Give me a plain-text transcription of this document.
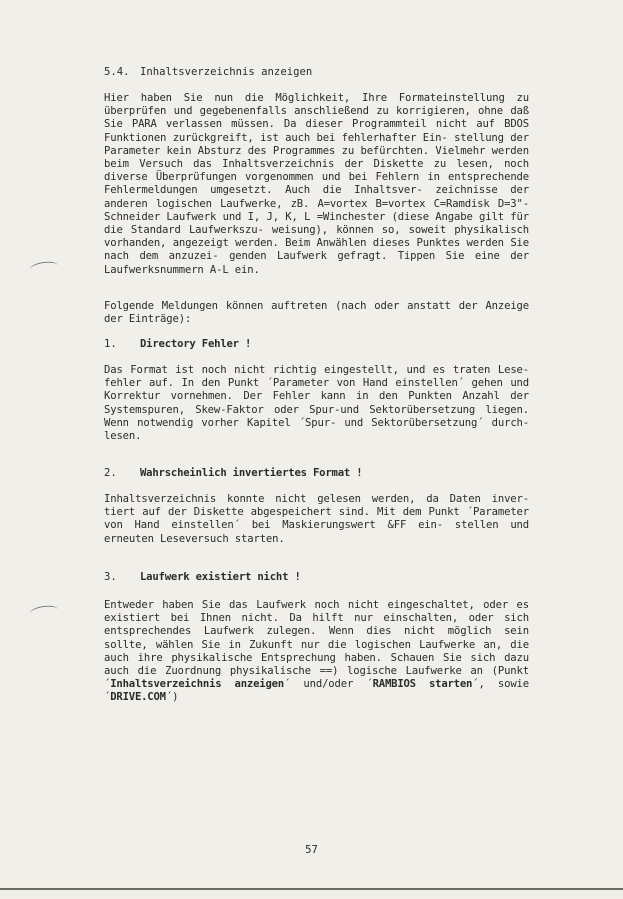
5.4. Inhaltsverzeichnis anzeigen

Hier haben Sie nun die Möglichkeit, Ihre Formateinstellung zu überprüfen und gegebenenfalls anschließend zu korrigieren, ohne daß Sie PARA verlassen müssen. Da dieser Programmteil nicht auf BDOS Funktionen zurückgreift, ist auch bei fehlerhafter Ein- stellung der Parameter kein Absturz des Programmes zu befürchten. Vielmehr werden beim Versuch das Inhaltsverzeichnis der Diskette zu lesen, noch diverse Überprüfungen vorgenommen und bei Fehlern in entsprechende Fehlermeldungen umgesetzt. Auch die Inhaltsver- zeichnisse der anderen logischen Laufwerke, zB. A=vortex B=vortex C=Ramdisk D=3"-Schneider Laufwerk und I, J, K, L =Winchester (diese Angabe gilt für die Standard Laufwerkszu- weisung), können so, soweit physikalisch vorhanden, angezeigt werden. Beim Anwählen dieses Punktes werden Sie nach dem anzuzei- genden Laufwerk gefragt. Tippen Sie eine der Laufwerksnummern A-L ein.

Folgende Meldungen können auftreten (nach oder anstatt der Anzeige der Einträge):

1. Directory Fehler !

Das Format ist noch nicht richtig eingestellt, und es traten Lese- fehler auf. In den Punkt ´Parameter von Hand einstellen´ gehen und Korrektur vornehmen. Der Fehler kann in den Punkten Anzahl der Systemspuren, Skew-Faktor oder Spur-und Sektorübersetzung liegen. Wenn notwendig vorher Kapitel ´Spur- und Sektorübersetzung´ durch- lesen.

2. Wahrscheinlich invertiertes Format !

Inhaltsverzeichnis konnte nicht gelesen werden, da Daten inver- tiert auf der Diskette abgespeichert sind. Mit dem Punkt ´Parameter von Hand einstellen´ bei Maskierungswert &FF ein- stellen und erneuten Leseversuch starten.

3. Laufwerk existiert nicht !

Entweder haben Sie das Laufwerk noch nicht eingeschaltet, oder es existiert bei Ihnen nicht. Da hilft nur einschalten, oder sich entsprechendes Laufwerk zulegen. Wenn dies nicht möglich sein sollte, wählen Sie in Zukunft nur die logischen Laufwerke an, die auch ihre physikalische Entsprechung haben. Schauen Sie sich dazu auch die Zuordnung physikalische ==) logische Laufwerke an (Punkt ´Inhaltsverzeichnis anzeigen´ und/oder ´RAMBIOS starten´, sowie ´DRIVE.COM´)

57
